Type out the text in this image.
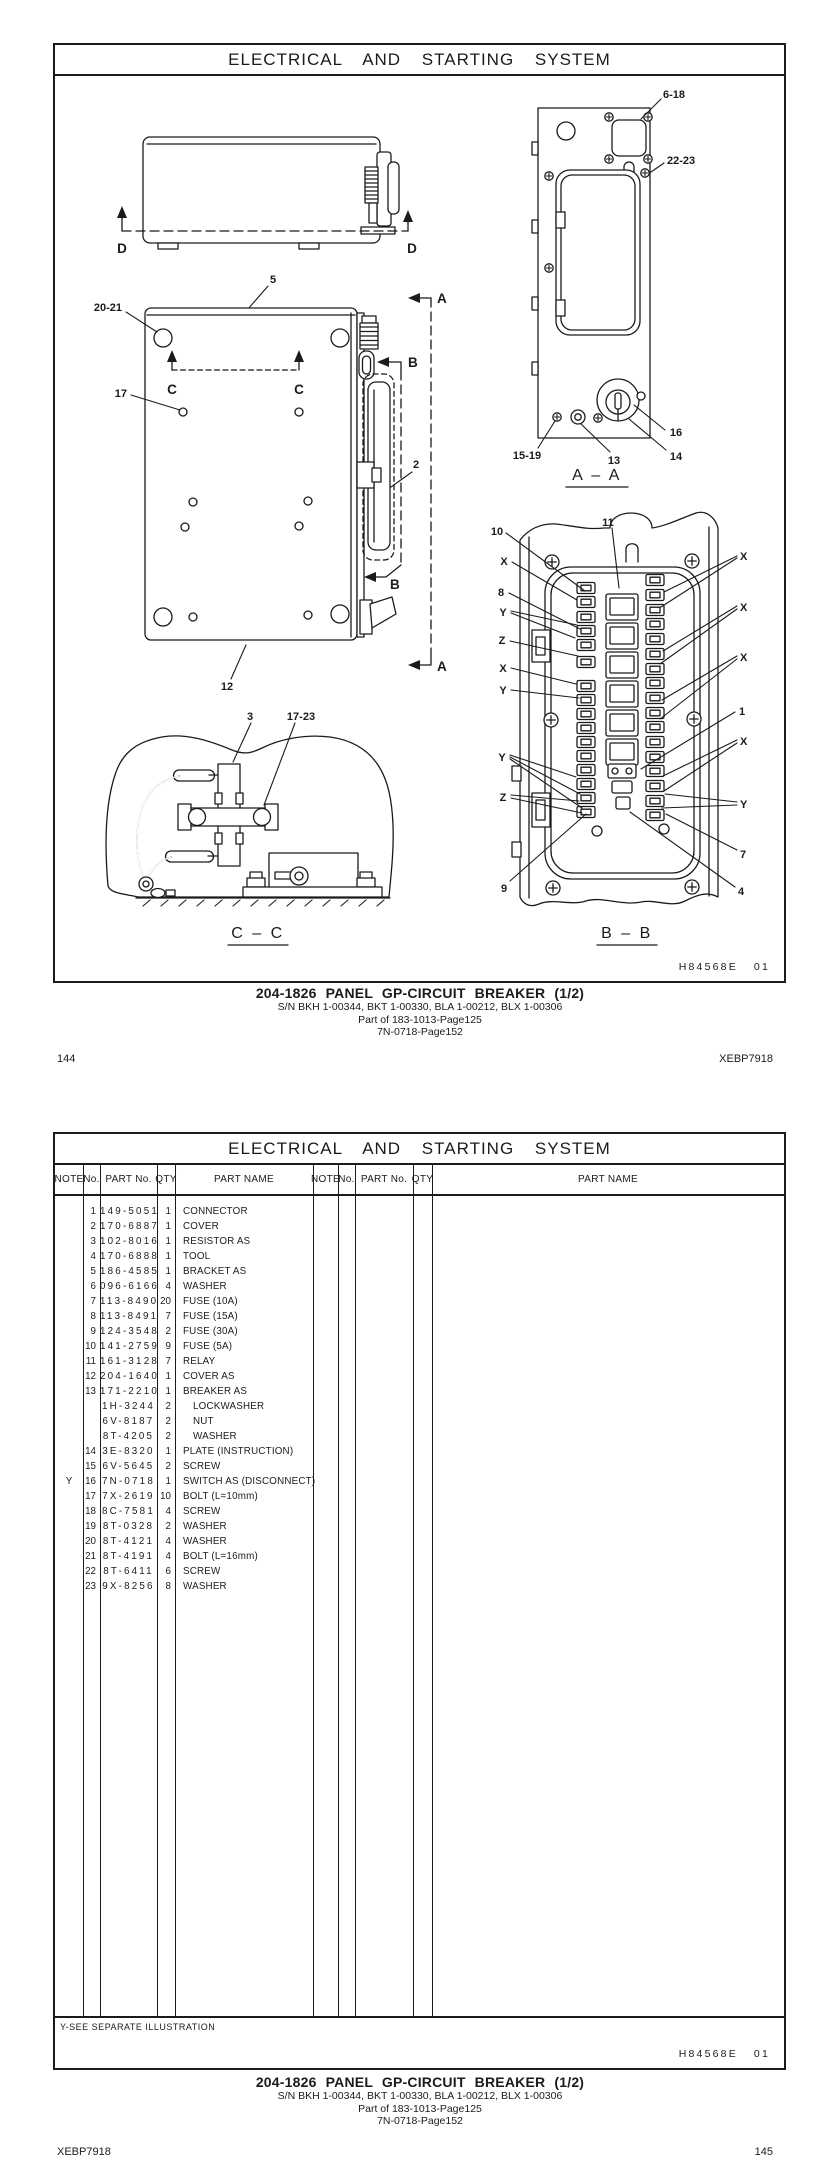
ELECTRICAL AND STARTING SYSTEM
D	D
5
C	C
A
A
B
B
20-21
17
2
12
3	17-23
C – C
6-18
22-23
15-19	13	14
16
A – A
10
11
X
8
Y
Z
X
Y
Y
Z
9
X
X
X
1
X
Y
7
4
B – B
H84568E 01
204-1826 PANEL GP-CIRCUIT BREAKER (1/2)
S/N BKH 1-00344, BKT 1-00330, BLA 1-00212, BLX 1-00306
Part of 183-1013-Page125
7N-0718-Page152
144	XEBP7918
ELECTRICAL AND STARTING SYSTEM
NOTE No. PART No. QTY	PART NAME	NOTE
No. PART No. QTY	PART NAME
1 149-5051 1	CONNECTOR
2 170-6887 1	COVER
3 102-8016 1	RESISTOR AS
4 170-6888 1	TOOL
5 186-4585 1	BRACKET AS
6 096-6166 4	WASHER
7 113-8490 20	FUSE (10A)
8 113-8491 7	FUSE (15A)
9 124-3548 2	FUSE (30A)
10 141-2759 9	FUSE (5A)
11 161-3128 7	RELAY
12 204-1640 1	COVER AS
13 171-2210 1	BREAKER AS
1H-3244	2	LOCKWASHER
6V-8187	2	NUT
8T-4205	2	WASHER
14 3E-8320	1	PLATE (INSTRUCTION)
15 6V-5645	2	SCREW
Y	16 7N-0718	1	SWITCH AS (DISCONNECT)
17 7X-2619 10	BOLT (L=10mm)
18 8C-7581	4	SCREW
19 8T-0328	2	WASHER
20 8T-4121	4	WASHER
21 8T-4191	4	BOLT (L=16mm)
22 8T-6411	6	SCREW
23 9X-8256	8	WASHER
Y-SEE SEPARATE ILLUSTRATION
H84568E 01
204-1826 PANEL GP-CIRCUIT BREAKER (1/2)
S/N BKH 1-00344, BKT 1-00330, BLA 1-00212, BLX 1-00306
Part of 183-1013-Page125
7N-0718-Page152
XEBP7918	145
